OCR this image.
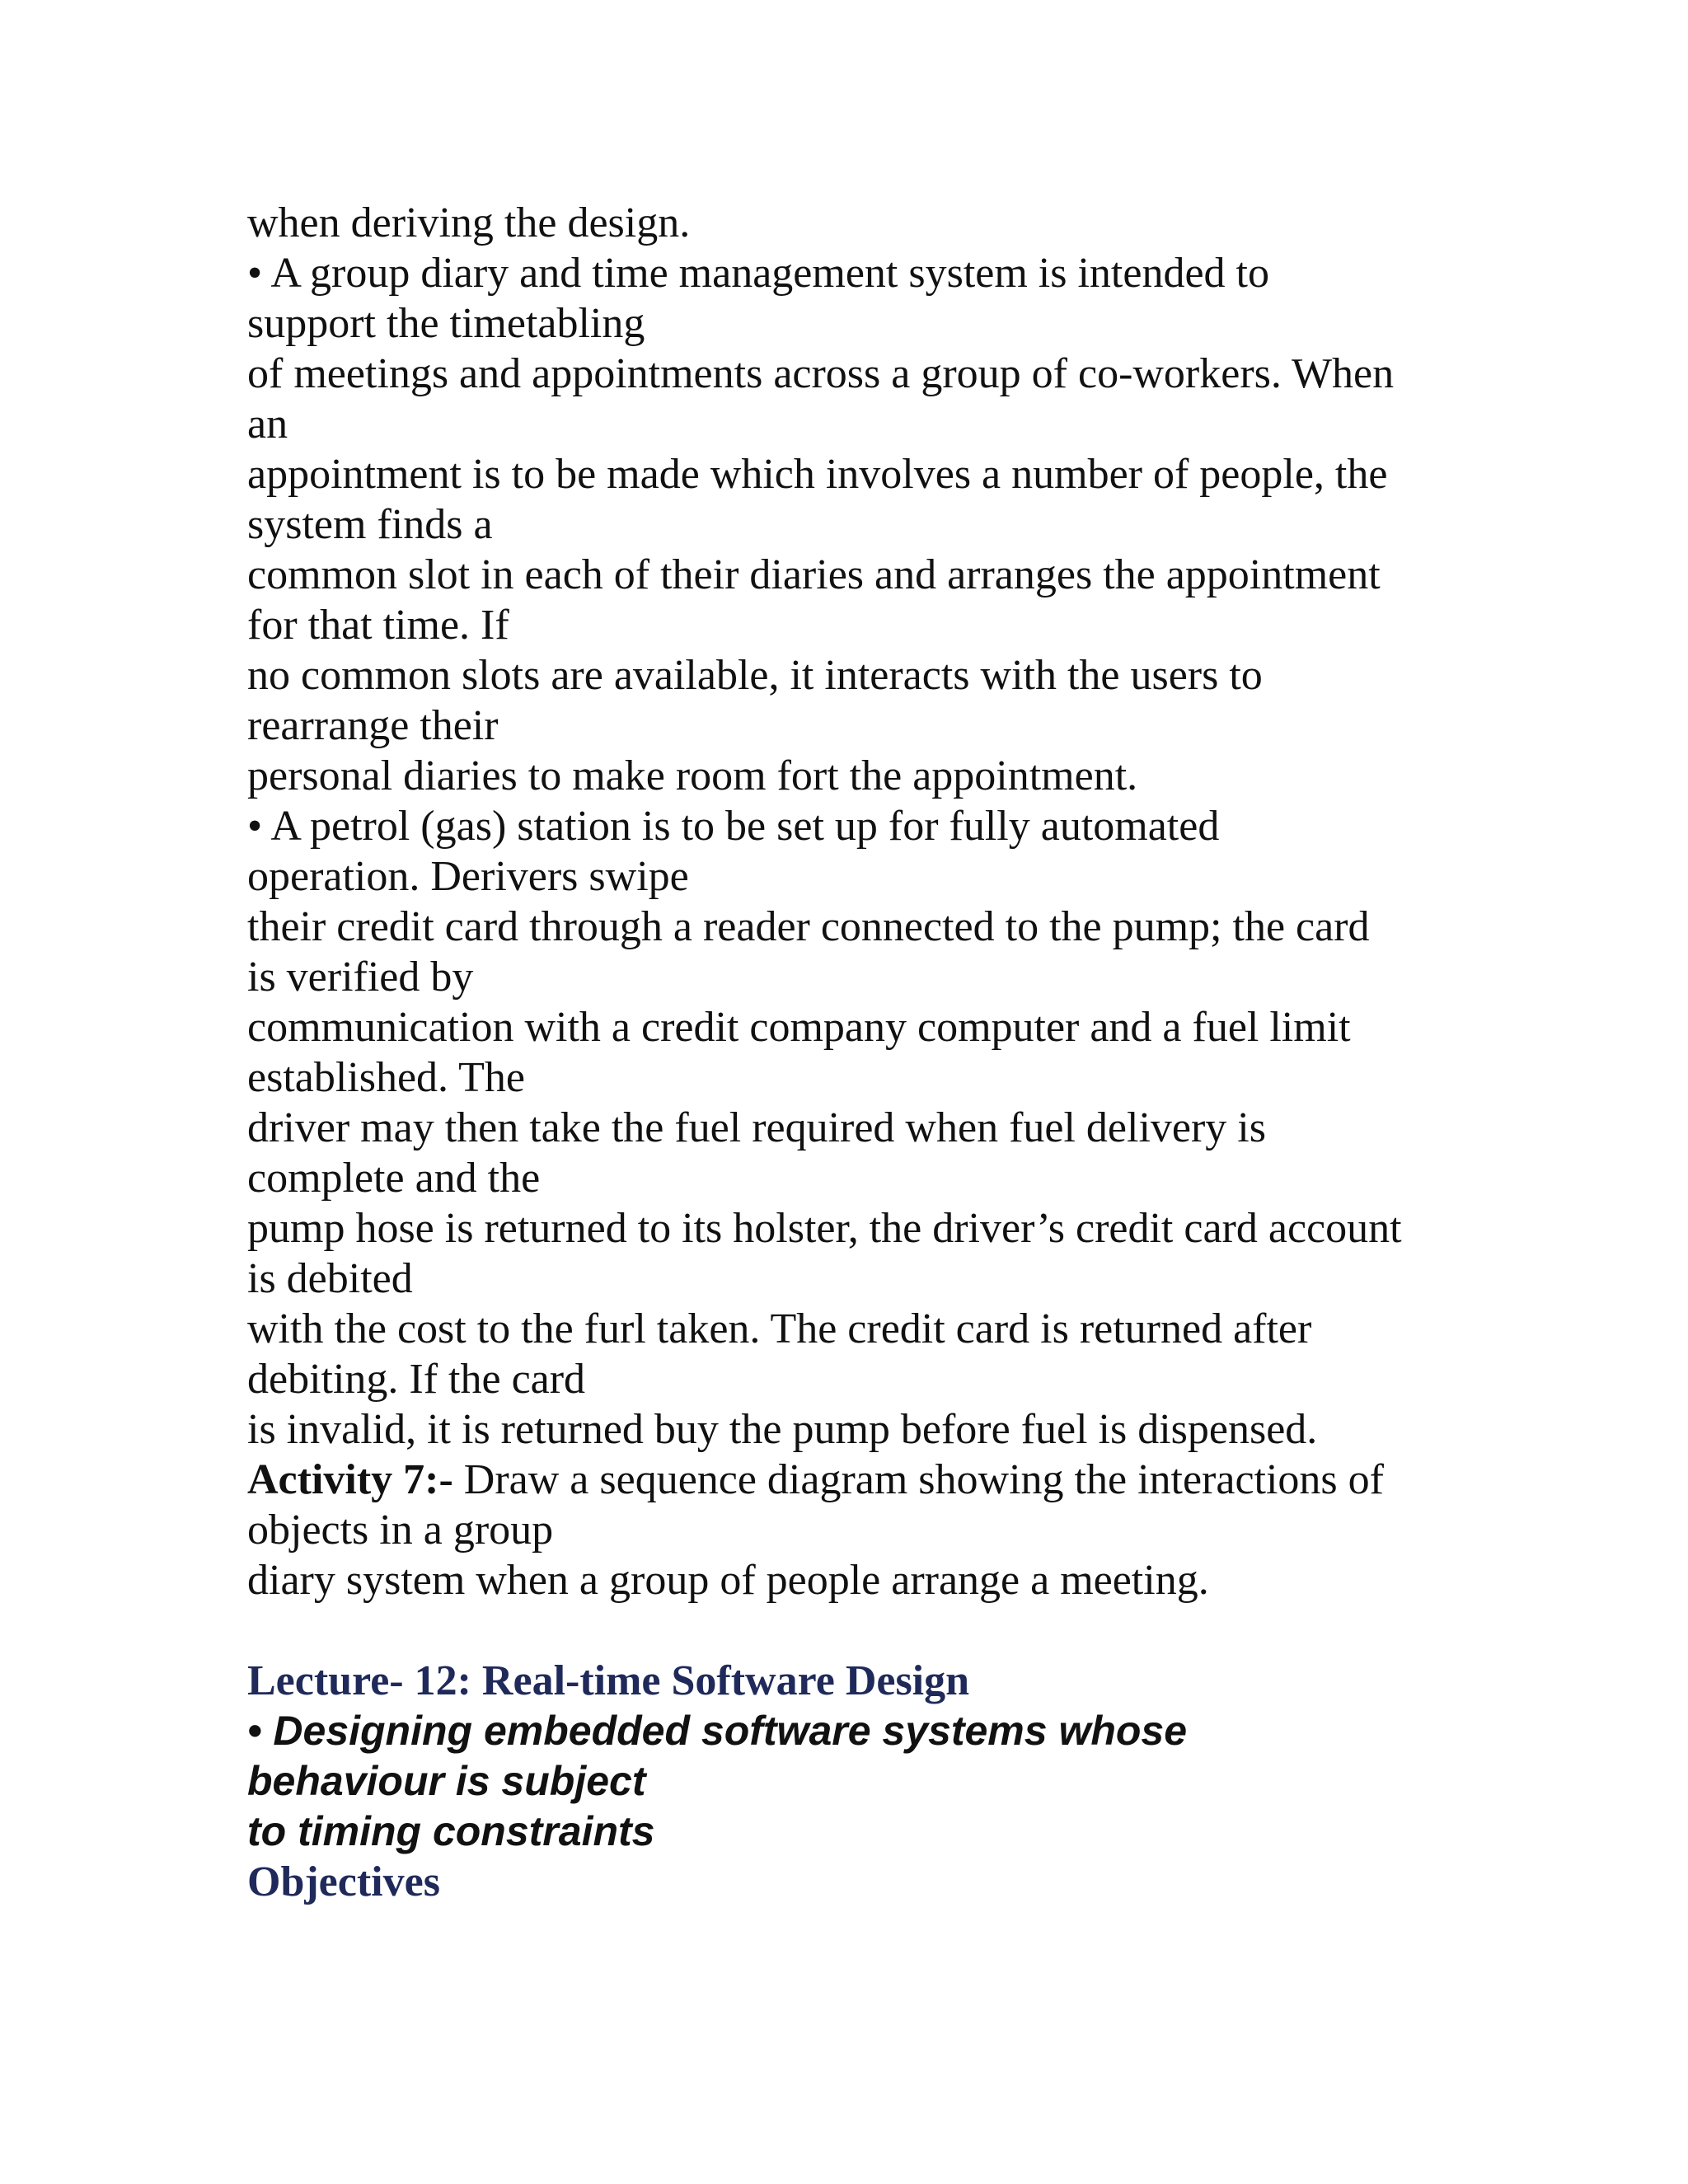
when deriving the design.
• A group diary and time management system is intended to
support the timetabling
of meetings and appointments across a group of co-workers. When
an
appointment is to be made which involves a number of people, the
system finds a
common slot in each of their diaries and arranges the appointment
for that time. If
no common slots are available, it interacts with the users to
rearrange their
personal diaries to make room fort the appointment.
• A petrol (gas) station is to be set up for fully automated
operation. Derivers swipe
their credit card through a reader connected to the pump; the card
is verified by
communication with a credit company computer and a fuel limit
established. The
driver may then take the fuel required when fuel delivery is
complete and the
pump hose is returned to its holster, the driver’s credit card account
is debited
with the cost to the furl taken. The credit card is returned after
debiting. If the card
is invalid, it is returned buy the pump before fuel is dispensed.
Activity 7:- Draw a sequence diagram showing the interactions of
objects in a group
diary system when a group of people arrange a meeting.
Lecture- 12: Real-time Software Design
• Designing embedded software systems whose
behaviour is subject
to timing constraints
Objectives
